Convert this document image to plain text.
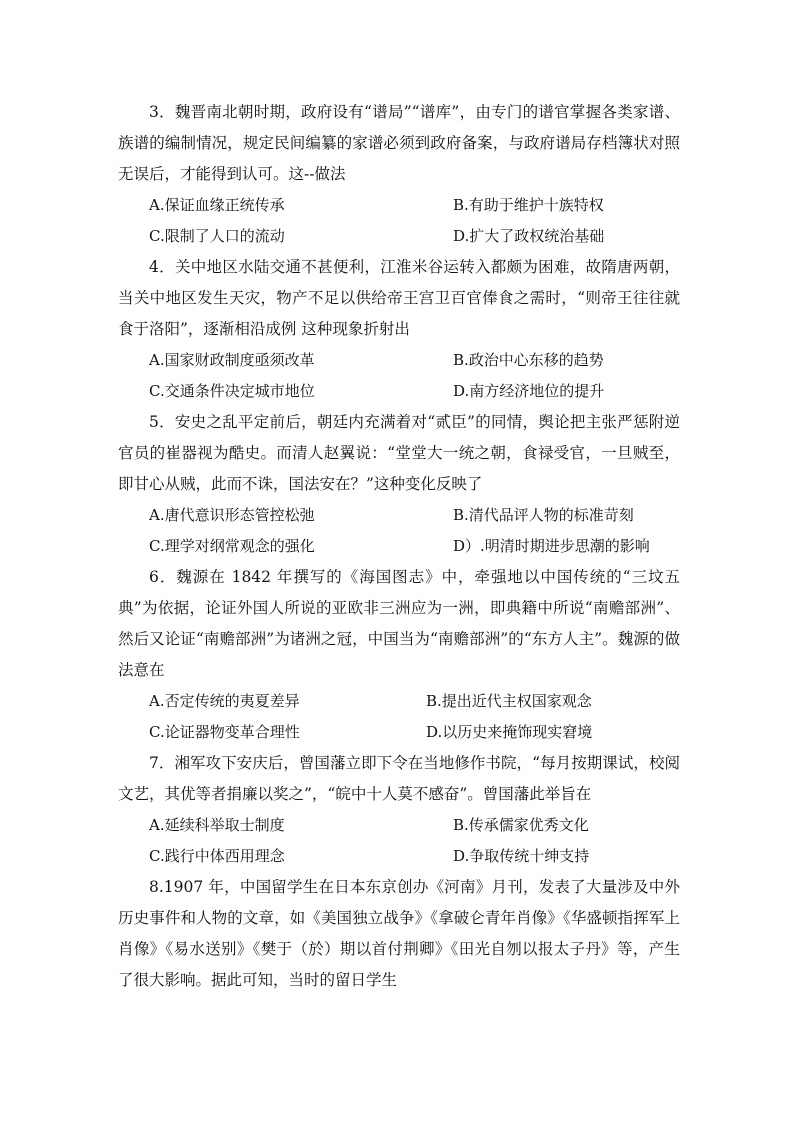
3．魏晋南北朝时期，政府设有“谱局”“谱库”，由专门的谱官掌握各类家谱、族谱的编制情况，规定民间编纂的家谱必须到政府备案，与政府谱局存档簿状对照无误后，才能得到认可。这--做法

A.保证血缘正统传承	B.有助于维护十族特权
C.限制了人口的流动	D.扩大了政权统治基础

4．关中地区水陆交通不甚便利，江淮米谷运转入都颇为困难，故隋唐两朝，当关中地区发生天灾，物产不足以供给帝王宫卫百官俸食之需时，“则帝王往往就食于洛阳”，逐渐相沿成例 这种现象折射出

A.国家财政制度亟须改革	B.政治中心东移的趋势
C.交通条件决定城市地位	D.南方经济地位的提升

5．安史之乱平定前后，朝廷内充满着对“贰臣”的同情，舆论把主张严惩附逆官员的崔器视为酷史。而清人赵翼说：“堂堂大一统之朝，食禄受官，一旦贼至，即甘心从贼，此而不诛，国法安在？”这种变化反映了

A.唐代意识形态管控松弛	B.清代品评人物的标准苛刻
C.理学对纲常观念的强化	D）.明清时期进步思潮的影响

6．魏源在 1842 年撰写的《海国图志》中，牵强地以中国传统的“三坟五典”为依据，论证外国人所说的亚欧非三洲应为一洲，即典籍中所说“南赡部洲”、然后又论证“南赡部洲”为诸洲之冠，中国当为“南赡部洲”的“东方人主”。魏源的做法意在

A.否定传统的夷夏差异	B.提出近代主权国家观念
C.论证器物变革合理性	D.以历史来掩饰现实窘境

7．湘军攻下安庆后，曾国藩立即下令在当地修作书院，“每月按期课试，校阅文艺，其优等者捐廉以奖之”，“皖中十人莫不感奋”。曾国藩此举旨在

A.延续科举取士制度	B.传承儒家优秀文化
C.践行中体西用理念	D.争取传统十绅支持

8.1907 年，中国留学生在日本东京创办《河南》月刊，发表了大量涉及中外历史事件和人物的文章，如《美国独立战争》《拿破仑青年肖像》《华盛顿指挥军上肖像》《易水送别》《樊于（於）期以首付荆卿》《田光自刎以报太子丹》等，产生了很大影响。据此可知，当时的留日学生
